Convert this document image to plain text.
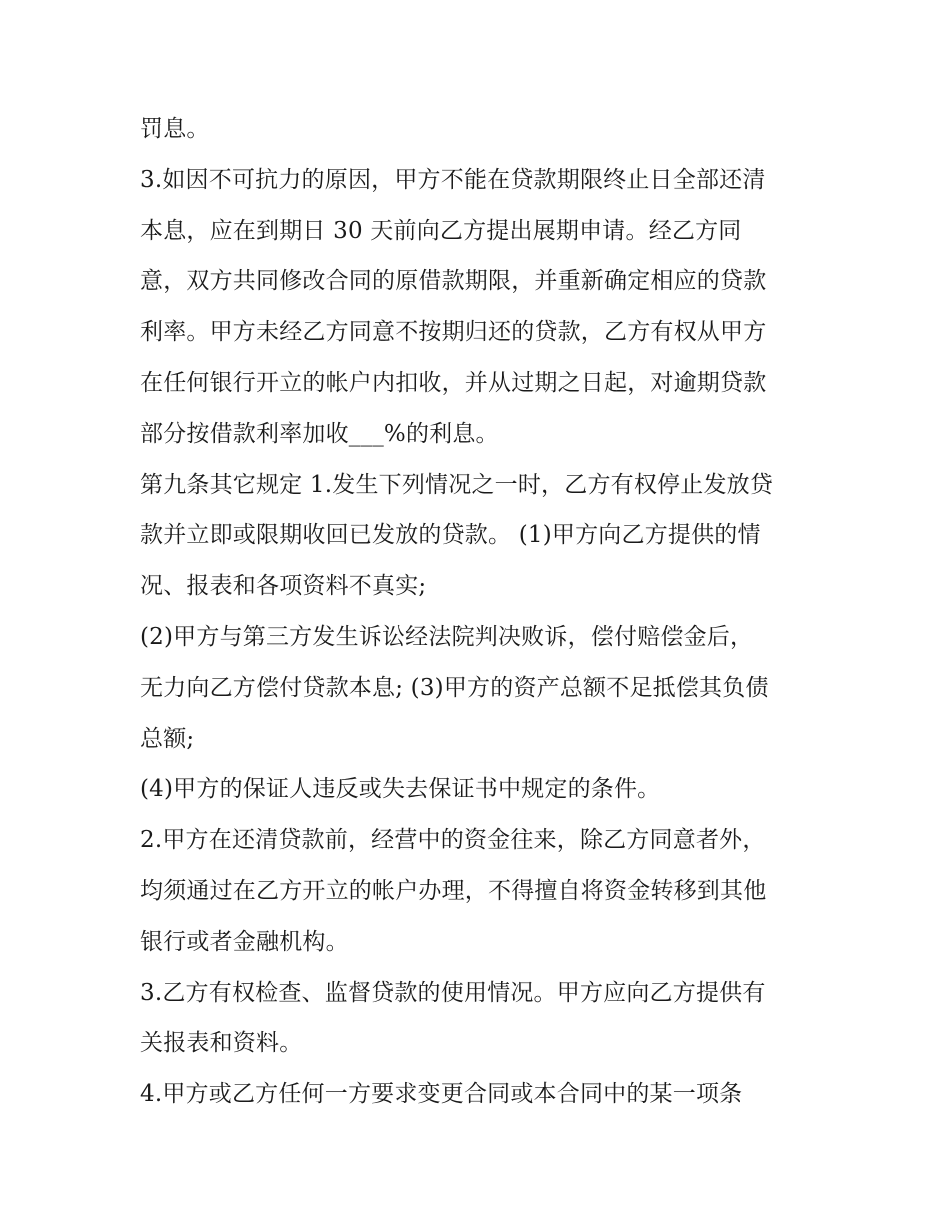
罚息。
3.如因不可抗力的原因，甲方不能在贷款期限终止日全部还清
本息，应在到期日 30 天前向乙方提出展期申请。经乙方同
意，双方共同修改合同的原借款期限，并重新确定相应的贷款
利率。甲方未经乙方同意不按期归还的贷款，乙方有权从甲方
在任何银行开立的帐户内扣收，并从过期之日起，对逾期贷款
部分按借款利率加收___%的利息。
第九条其它规定 1.发生下列情况之一时，乙方有权停止发放贷
款并立即或限期收回已发放的贷款。 (1)甲方向乙方提供的情
况、报表和各项资料不真实;
(2)甲方与第三方发生诉讼经法院判决败诉，偿付赔偿金后，
无力向乙方偿付贷款本息; (3)甲方的资产总额不足抵偿其负债
总额;
(4)甲方的保证人违反或失去保证书中规定的条件。
2.甲方在还清贷款前，经营中的资金往来，除乙方同意者外，
均须通过在乙方开立的帐户办理，不得擅自将资金转移到其他
银行或者金融机构。
3.乙方有权检查、监督贷款的使用情况。甲方应向乙方提供有
关报表和资料。
4.甲方或乙方任何一方要求变更合同或本合同中的某一项条
